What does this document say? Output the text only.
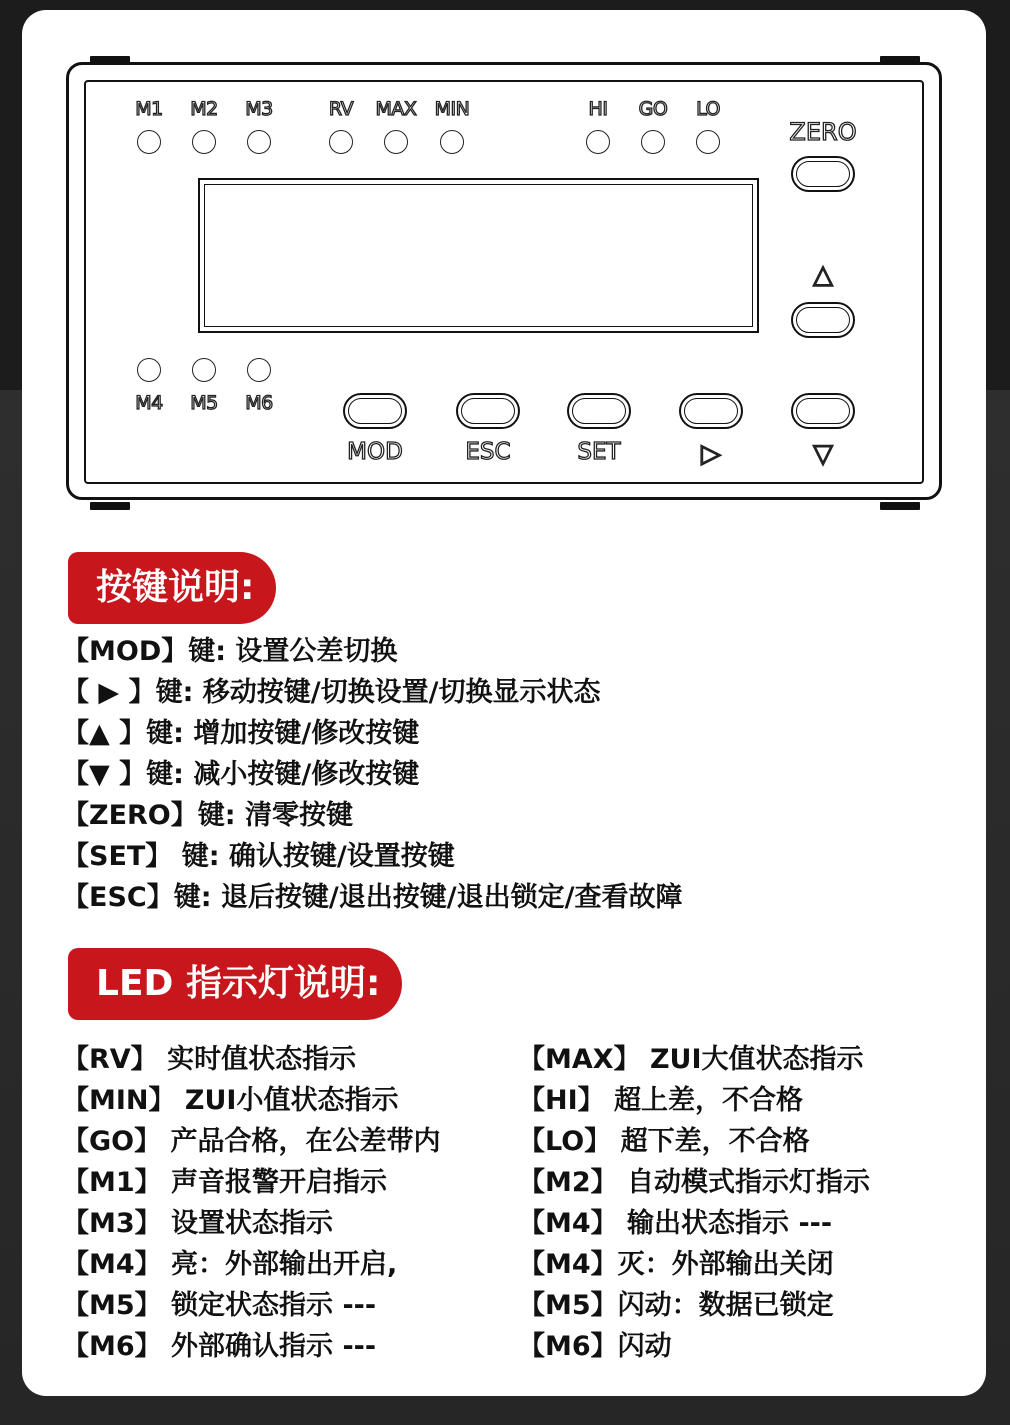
M1	M2	M3	RV	MAX MIN	HI	GO	LO
M4	M5	M6
ZERO
△
MOD	ESC	SET	▷	▽
按键说明:
【MOD】键: 设置公差切换
【 ▶ 】键: 移动按键/切换设置/切换显示状态
【▲ 】键: 增加按键/修改按键
【▼ 】键: 减小按键/修改按键
【ZERO】键: 清零按键
【SET】 键: 确认按键/设置按键
【ESC】键: 退后按键/退出按键/退出锁定/查看故障
LED 指示灯说明:
【RV】 实时值状态指示
【MIN】 ZUI小值状态指示
【GO】 产品合格，在公差带内
【M1】 声音报警开启指示
【M3】 设置状态指示
【M4】 亮：外部输出开启,
【M5】 锁定状态指示 ---
【M6】 外部确认指示 ---
【MAX】 ZUI大值状态指示
【HI】 超上差，不合格
【LO】 超下差，不合格
【M2】 自动模式指示灯指示
【M4】 输出状态指示 ---
【M4】灭：外部输出关闭
【M5】闪动：数据已锁定
【M6】闪动
